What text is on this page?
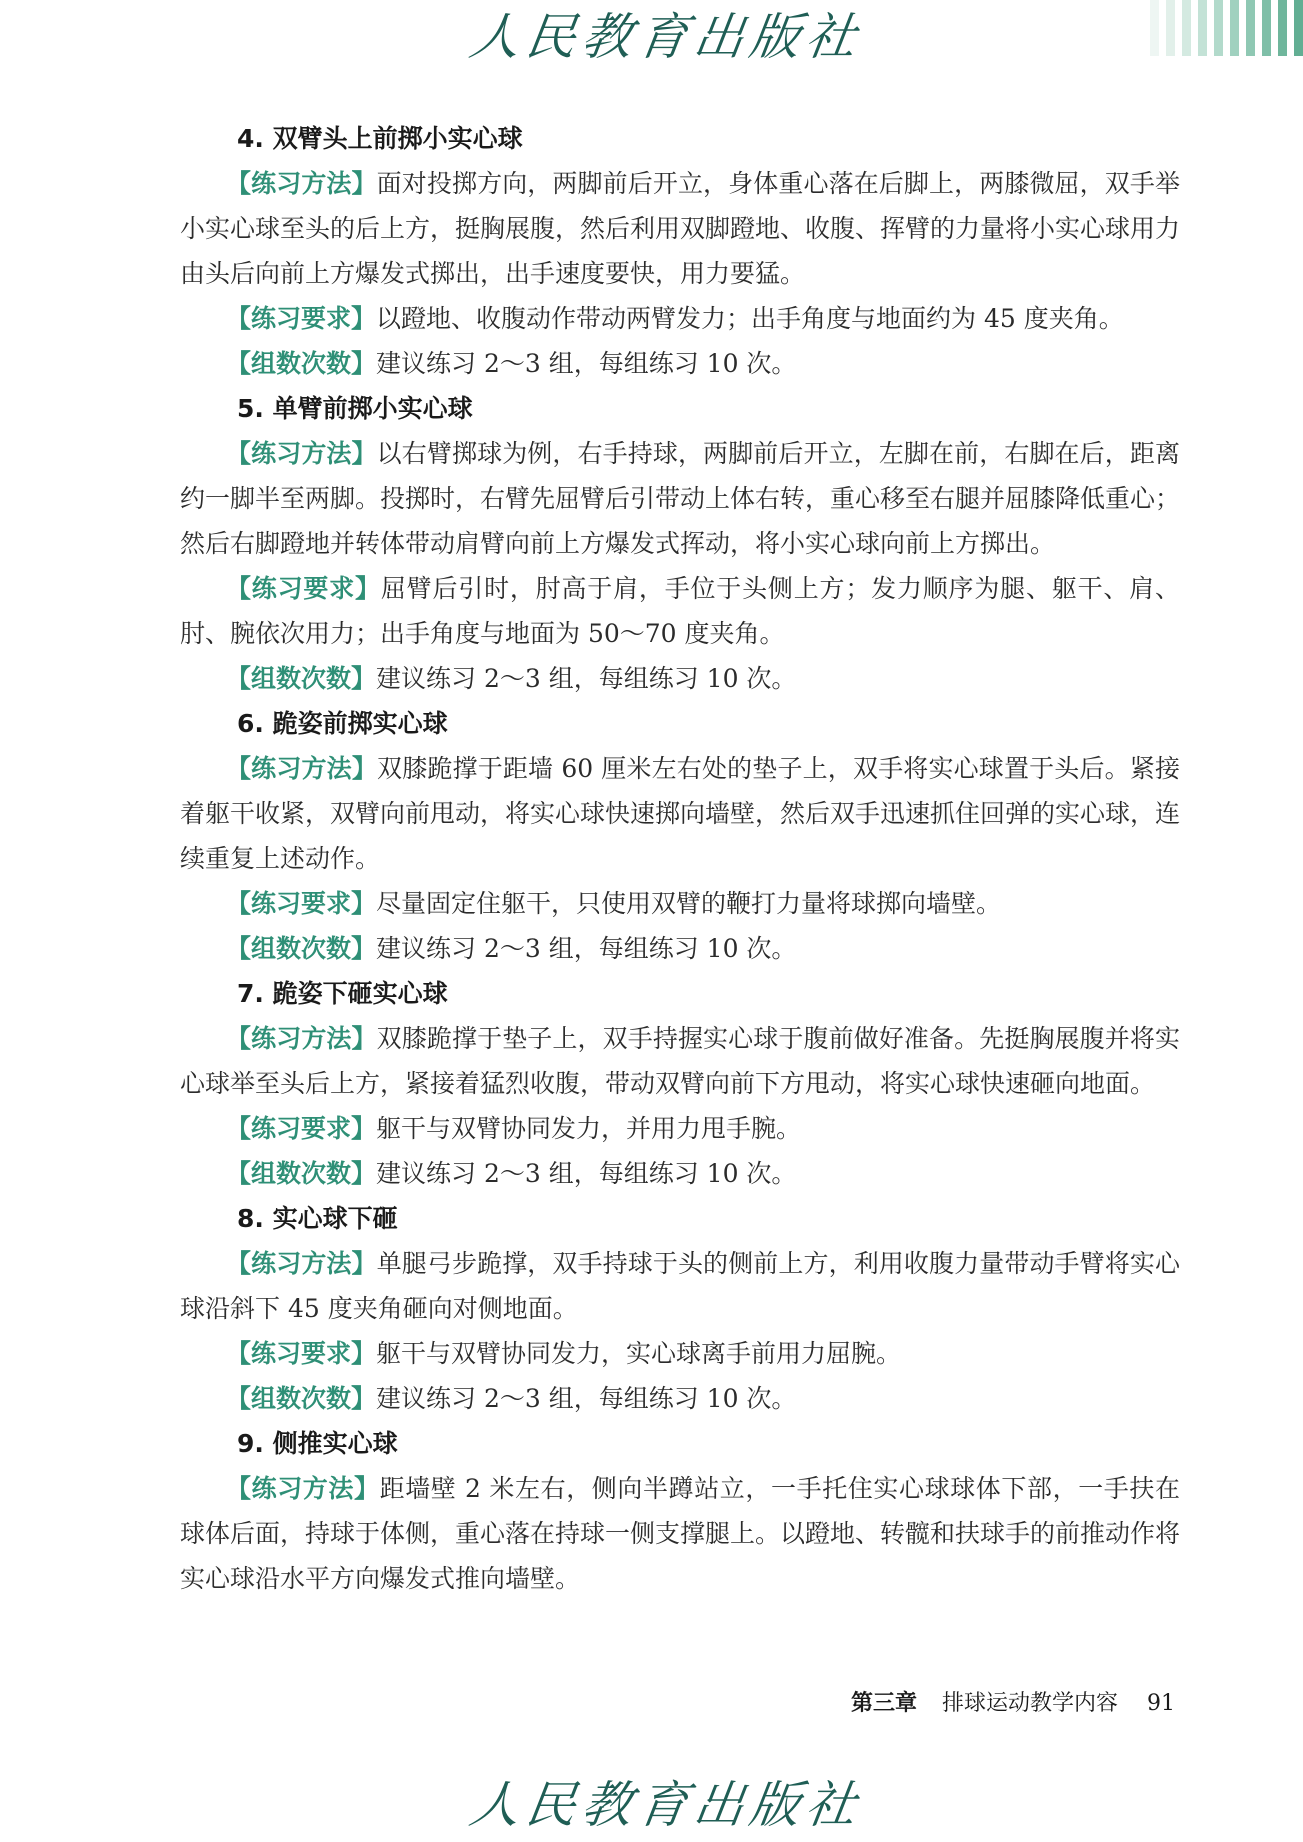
人民教育出版社
4. 双臂头上前掷小实心球

【练习方法】面对投掷方向，两脚前后开立，身体重心落在后脚上，两膝微屈，双手举小实心球至头的后上方，挺胸展腹，然后利用双脚蹬地、收腹、挥臂的力量将小实心球用力由头后向前上方爆发式掷出，出手速度要快，用力要猛。

【练习要求】以蹬地、收腹动作带动两臂发力；出手角度与地面约为 45 度夹角。

【组数次数】建议练习 2～3 组，每组练习 10 次。

5. 单臂前掷小实心球

【练习方法】以右臂掷球为例，右手持球，两脚前后开立，左脚在前，右脚在后，距离约一脚半至两脚。投掷时，右臂先屈臂后引带动上体右转，重心移至右腿并屈膝降低重心；然后右脚蹬地并转体带动肩臂向前上方爆发式挥动，将小实心球向前上方掷出。

【练习要求】屈臂后引时，肘高于肩，手位于头侧上方；发力顺序为腿、躯干、肩、肘、腕依次用力；出手角度与地面为 50～70 度夹角。

【组数次数】建议练习 2～3 组，每组练习 10 次。

6. 跪姿前掷实心球

【练习方法】双膝跪撑于距墙 60 厘米左右处的垫子上，双手将实心球置于头后。紧接着躯干收紧，双臂向前甩动，将实心球快速掷向墙壁，然后双手迅速抓住回弹的实心球，连续重复上述动作。

【练习要求】尽量固定住躯干，只使用双臂的鞭打力量将球掷向墙壁。

【组数次数】建议练习 2～3 组，每组练习 10 次。

7. 跪姿下砸实心球

【练习方法】双膝跪撑于垫子上，双手持握实心球于腹前做好准备。先挺胸展腹并将实心球举至头后上方，紧接着猛烈收腹，带动双臂向前下方甩动，将实心球快速砸向地面。

【练习要求】躯干与双臂协同发力，并用力甩手腕。

【组数次数】建议练习 2～3 组，每组练习 10 次。

8. 实心球下砸

【练习方法】单腿弓步跪撑，双手持球于头的侧前上方，利用收腹力量带动手臂将实心球沿斜下 45 度夹角砸向对侧地面。

【练习要求】躯干与双臂协同发力，实心球离手前用力屈腕。

【组数次数】建议练习 2～3 组，每组练习 10 次。

9. 侧推实心球

【练习方法】距墙壁 2 米左右，侧向半蹲站立，一手托住实心球球体下部，一手扶在球体后面，持球于体侧，重心落在持球一侧支撑腿上。以蹬地、转髋和扶球手的前推动作将实心球沿水平方向爆发式推向墙壁。

第三章 排球运动教学内容 91
人民教育出版社
